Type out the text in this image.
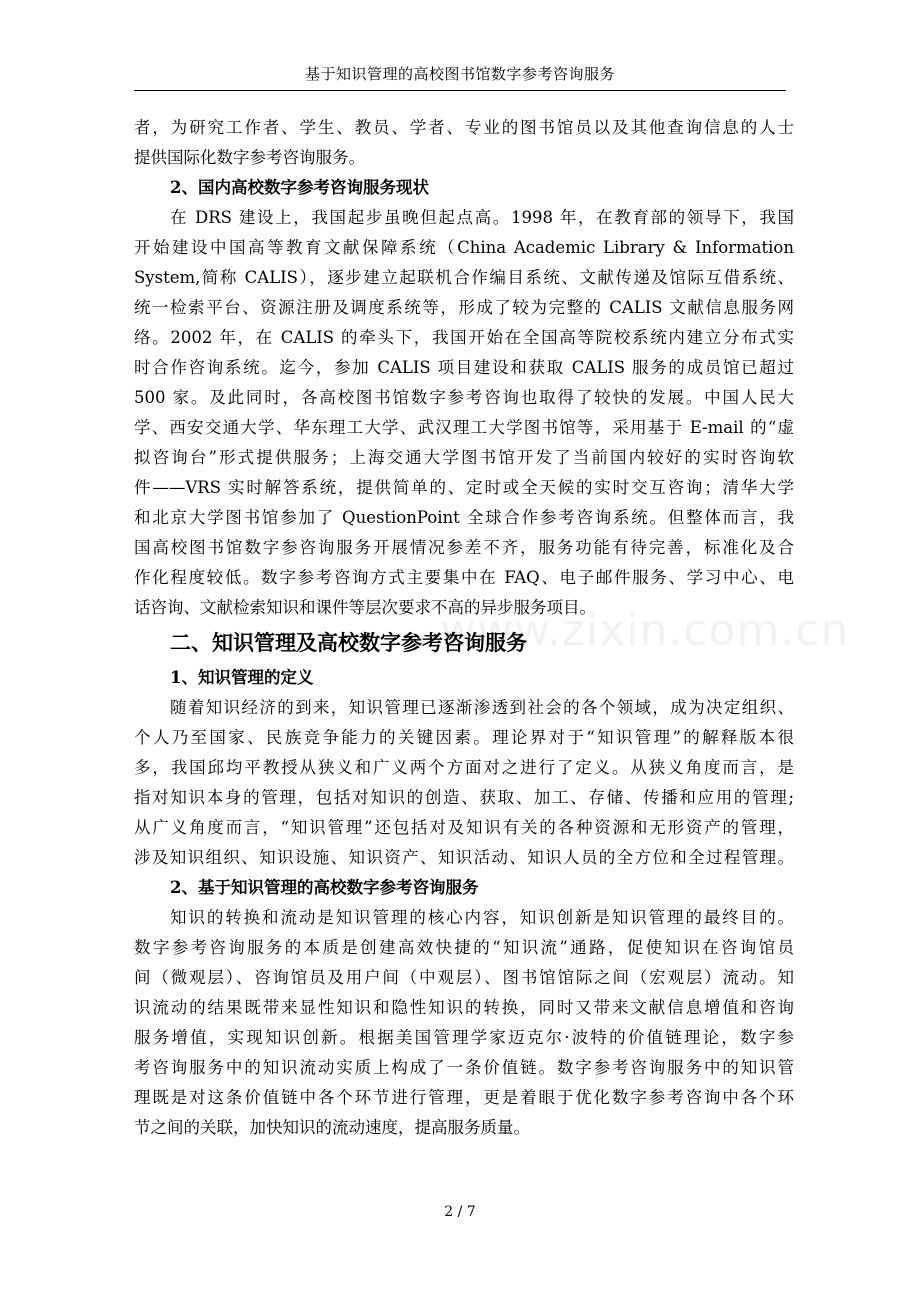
基于知识管理的高校图书馆数字参考咨询服务
www.zixin.com.cn
者，为研究工作者、学生、教员、学者、专业的图书馆员以及其他查询信息的人士
提供国际化数字参考咨询服务。
2、国内高校数字参考咨询服务现状
在 DRS 建设上，我国起步虽晚但起点高。1998 年，在教育部的领导下，我国
开始建设中国高等教育文献保障系统（China Academic Library & Information
System,简称 CALIS），逐步建立起联机合作编目系统、文献传递及馆际互借系统、
统一检索平台、资源注册及调度系统等，形成了较为完整的 CALIS 文献信息服务网
络。2002 年，在 CALIS 的牵头下，我国开始在全国高等院校系统内建立分布式实
时合作咨询系统。迄今，参加 CALIS 项目建设和获取 CALIS 服务的成员馆已超过
500 家。及此同时，各高校图书馆数字参考咨询也取得了较快的发展。中国人民大
学、西安交通大学、华东理工大学、武汉理工大学图书馆等，采用基于 E-mail 的“虚
拟咨询台”形式提供服务；上海交通大学图书馆开发了当前国内较好的实时咨询软
件——VRS 实时解答系统，提供简单的、定时或全天候的实时交互咨询；清华大学
和北京大学图书馆参加了 QuestionPoint 全球合作参考咨询系统。但整体而言，我
国高校图书馆数字参咨询服务开展情况参差不齐，服务功能有待完善，标准化及合
作化程度较低。数字参考咨询方式主要集中在 FAQ、电子邮件服务、学习中心、电
话咨询、文献检索知识和课件等层次要求不高的异步服务项目。
二、知识管理及高校数字参考咨询服务
1、知识管理的定义
随着知识经济的到来，知识管理已逐渐渗透到社会的各个领域，成为决定组织、
个人乃至国家、民族竞争能力的关键因素。理论界对于“知识管理”的解释版本很
多，我国邱均平教授从狭义和广义两个方面对之进行了定义。从狭义角度而言，是
指对知识本身的管理，包括对知识的创造、获取、加工、存储、传播和应用的管理;
从广义角度而言，“知识管理”还包括对及知识有关的各种资源和无形资产的管理，
涉及知识组织、知识设施、知识资产、知识活动、知识人员的全方位和全过程管理。
2、基于知识管理的高校数字参考咨询服务
知识的转换和流动是知识管理的核心内容，知识创新是知识管理的最终目的。
数字参考咨询服务的本质是创建高效快捷的“知识流”通路，促使知识在咨询馆员
间（微观层）、咨询馆员及用户间（中观层）、图书馆馆际之间（宏观层）流动。知
识流动的结果既带来显性知识和隐性知识的转换，同时又带来文献信息增值和咨询
服务增值，实现知识创新。根据美国管理学家迈克尔·波特的价值链理论，数字参
考咨询服务中的知识流动实质上构成了一条价值链。数字参考咨询服务中的知识管
理既是对这条价值链中各个环节进行管理，更是着眼于优化数字参考咨询中各个环
节之间的关联，加快知识的流动速度，提高服务质量。
2 / 7
